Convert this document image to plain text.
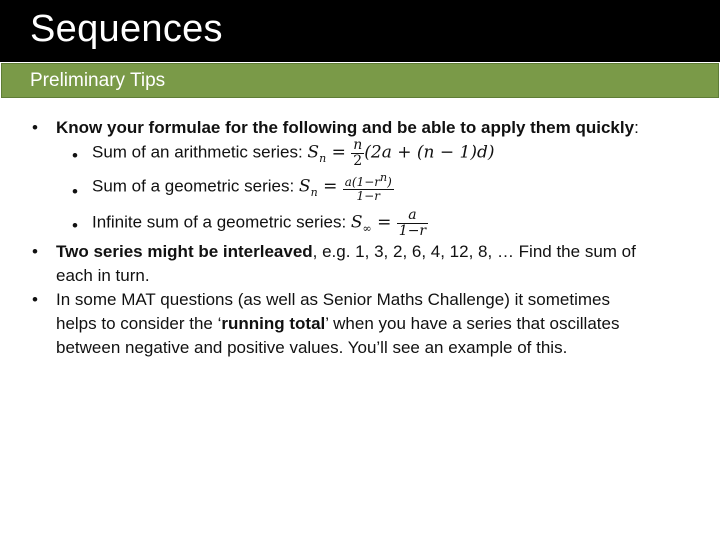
Sequences
Preliminary Tips
• Know your formulae for the following and be able to apply them quickly:
• Sum of an arithmetic series: $S_n = \frac{n}{2} (2a + (n - 1)d)$
• Sum of a geometric series: $S_n = \frac{a(1-r^n)}{1-r}$
• Infinite sum of a geometric series: $S_\infty = \frac{a}{1-r}$
• Two series might be interleaved, e.g. 1, 3, 2, 6, 4, 12, 8, … Find the sum of
each in turn.
• In some MAT questions (as well as Senior Maths Challenge) it sometimes
helps to consider the ‘running total’ when you have a series that oscillates
between negative and positive values. You’ll see an example of this.
